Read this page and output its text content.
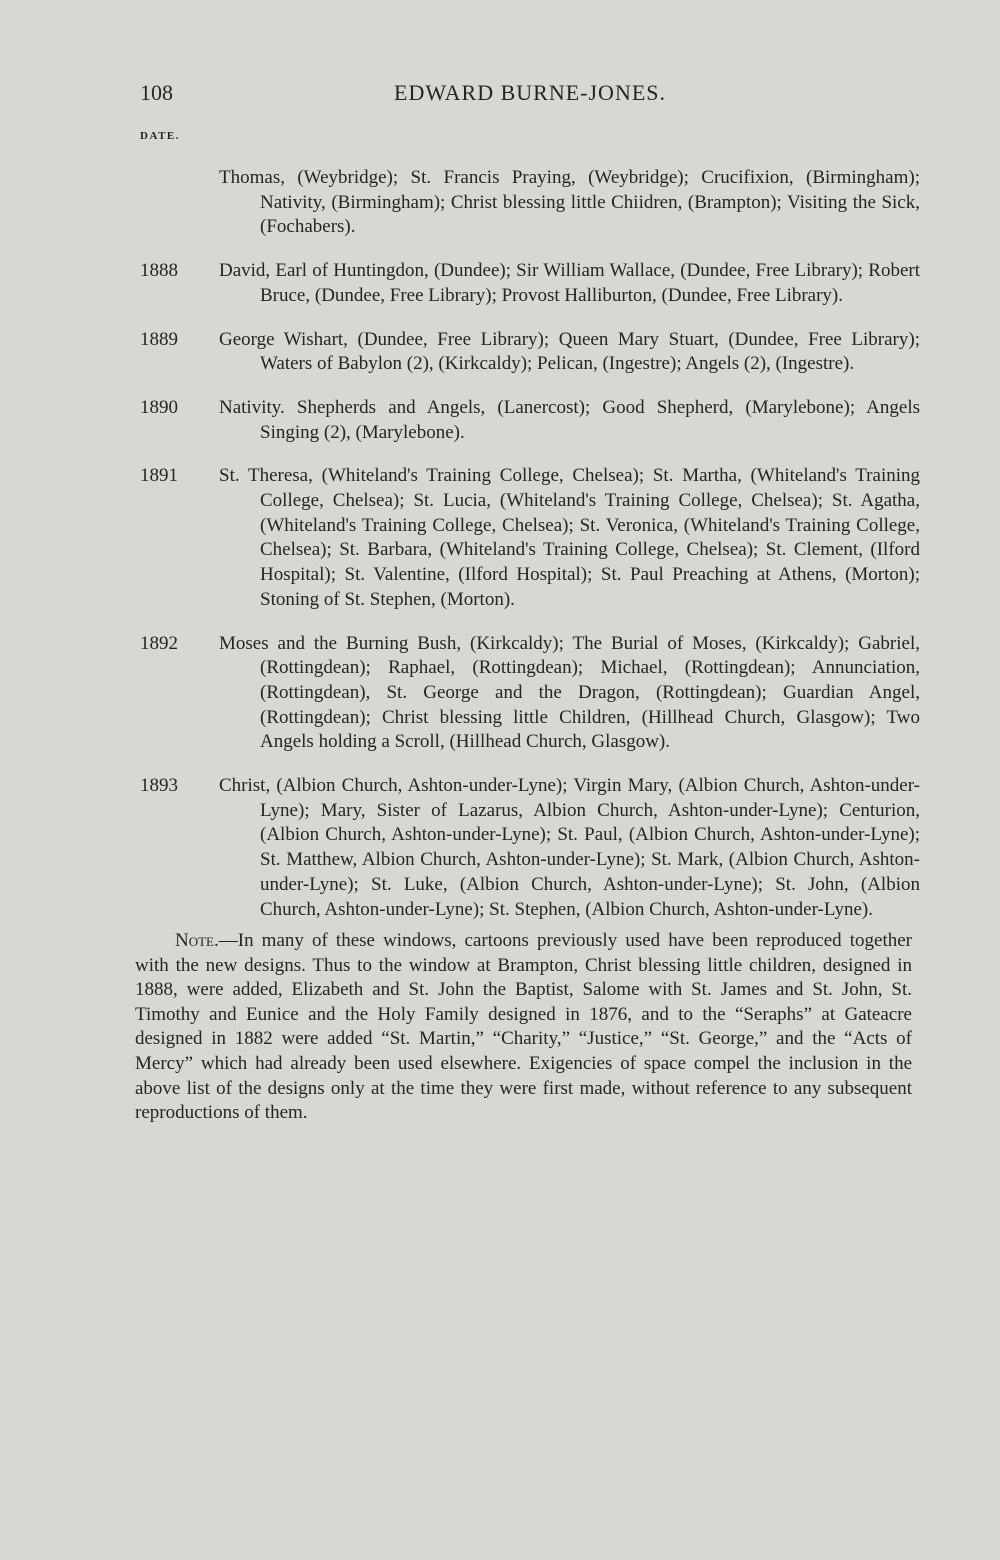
108	EDWARD BURNE-JONES.
DATE.

Thomas, (Weybridge); St. Francis Praying, (Weybridge); Crucifixion, (Birmingham); Nativity, (Birmingham); Christ blessing little Chiidren, (Brampton); Visiting the Sick, (Fochabers).

1888 David, Earl of Huntingdon, (Dundee); Sir William Wallace, (Dundee, Free Library); Robert Bruce, (Dundee, Free Library); Provost Halliburton, (Dundee, Free Library).

1889 George Wishart, (Dundee, Free Library); Queen Mary Stuart, (Dundee, Free Library); Waters of Babylon (2), (Kirkcaldy); Pelican, (Ingestre); Angels (2), (Ingestre).

1890 Nativity. Shepherds and Angels, (Lanercost); Good Shepherd, (Marylebone); Angels Singing (2), (Marylebone).

1891 St. Theresa, (Whiteland's Training College, Chelsea); St. Martha, (Whiteland's Training College, Chelsea); St. Lucia, (Whiteland's Training College, Chelsea); St. Agatha, (Whiteland's Training College, Chelsea); St. Veronica, (Whiteland's Training College, Chelsea); St. Barbara, (Whiteland's Training College, Chelsea); St. Clement, (Ilford Hospital); St. Valentine, (Ilford Hospital); St. Paul Preaching at Athens, (Morton); Stoning of St. Stephen, (Morton).

1892 Moses and the Burning Bush, (Kirkcaldy); The Burial of Moses, (Kirkcaldy); Gabriel, (Rottingdean); Raphael, (Rottingdean); Michael, (Rottingdean); Annunciation, (Rottingdean), St. George and the Dragon, (Rottingdean); Guardian Angel, (Rottingdean); Christ blessing little Children, (Hillhead Church, Glasgow); Two Angels holding a Scroll, (Hillhead Church, Glasgow).

1893 Christ, (Albion Church, Ashton-under-Lyne); Virgin Mary, (Albion Church, Ashton-under-Lyne); Mary, Sister of Lazarus, Albion Church, Ashton-under-Lyne); Centurion, (Albion Church, Ashton-under-Lyne); St. Paul, (Albion Church, Ashton-under-Lyne); St. Matthew, Albion Church, Ashton-under-Lyne); St. Mark, (Albion Church, Ashton-under-Lyne); St. Luke, (Albion Church, Ashton-under-Lyne); St. John, (Albion Church, Ashton-under-Lyne); St. Stephen, (Albion Church, Ashton-under-Lyne).

Note.—In many of these windows, cartoons previously used have been reproduced together with the new designs. Thus to the window at Brampton, Christ blessing little children, designed in 1888, were added, Elizabeth and St. John the Baptist, Salome with St. James and St. John, St. Timothy and Eunice and the Holy Family designed in 1876, and to the “Seraphs” at Gateacre designed in 1882 were added “St. Martin,” “Charity,” “Justice,” “St. George,” and the “Acts of Mercy” which had already been used elsewhere. Exigencies of space compel the inclusion in the above list of the designs only at the time they were first made, without reference to any subsequent reproductions of them.
